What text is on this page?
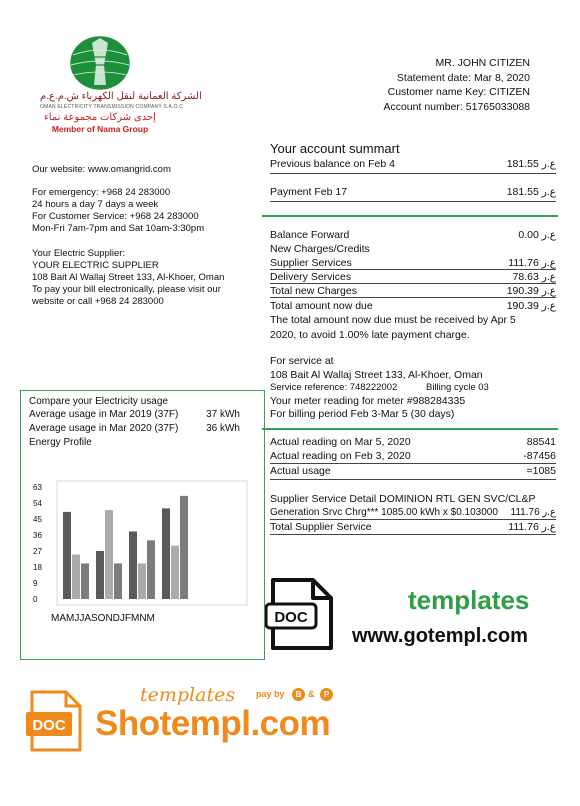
الشركة العمانية لنقل الكهرباء ش.م.ع.م
OMAN ELECTRICITY TRANSMISSION COMPANY S.A.O.C
إحدى شركات مجموعة نماء
Member of Nama Group
MR. JOHN CITIZEN
Statement date: Mar 8, 2020
Customer name Key: CITIZEN
Account number: 51765033088
Our website: www.omangrid.com
For emergency: +968 24 283000
24 hours a day 7 days a week
For Customer Service: +968 24 283000
Mon-Fri 7am-7pm and Sat 10am-3:30pm
Your Electric Supplier:
YOUR ELECTRIC SUPPLIER
108 Bait Al Wallaj Street 133, Al-Khoer, Oman
To pay your bill electronically, please visit our
website or call +968 24 283000
Your account summart
Previous balance on Feb 4	ع.ر 181.55
Payment Feb 17	ع.ر 181.55
Balance Forward	ع.ر 0.00
New Charges/Credits
Supplier Services	ع.ر 111.76
Delivery Services	ع.ر 78.63
Total new Charges	ع.ر 190.39
Total amount now due	ع.ر 190.39
The total amount now due must be received by Apr 5
2020, to avoid 1.00% late payment charge.
For service at
108 Bait Al Wallaj Street 133, Al-Khoer, Oman
Service reference: 748222002	Billing cycle 03
Your meter reading for meter #988284335
For billing period Feb 3-Mar 5 (30 days)
Actual reading on Mar 5, 2020	88541
Actual reading on Feb 3, 2020	-87456
Actual usage	=1085
Supplier Service Detail DOMINION RTL GEN SVC/CL&P
Generation Srvc Chrg*** 1085.00 kWh x $0.103000 ع.ر 111.76
Total Supplier Service	ع.ر 111.76
Compare your Electricity usage
Average usage in Mar 2019 (37F)	37 kWh
Average usage in Mar 2020 (37F)	36 kWh
Energy Profile
0
9
18
27
36
45
54
63
MAMJJASONDJFMNM	DOC
templates
www.gotempl.com
DOC
templates pay by	B &	P
Shotempl.com
